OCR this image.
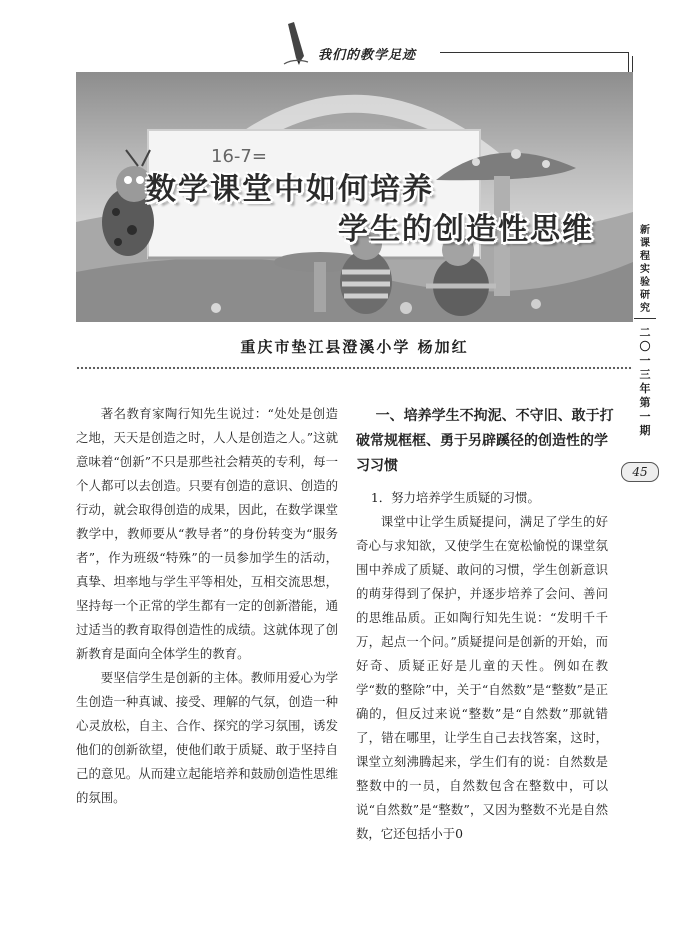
我们的教学足迹
16-7=
数学课堂中如何培养
学生的创造性思维	新课程实验研究
二〇一三年第一期
45
重庆市垫江县澄溪小学 杨加红

著名教育家陶行知先生说过：“处处是创造之地，天天是创造之时，人人是创造之人。”这就意味着“创新”不只是那些社会精英的专利，每一个人都可以去创造。只要有创造的意识、创造的行动，就会取得创造的成果，因此，在数学课堂教学中，教师要从“教导者”的身份转变为“服务者”，作为班级“特殊”的一员参加学生的活动，真挚、坦率地与学生平等相处，互相交流思想，坚持每一个正常的学生都有一定的创新潜能，通过适当的教育取得创造性的成绩。这就体现了创新教育是面向全体学生的教育。

要坚信学生是创新的主体。教师用爱心为学生创造一种真诚、接受、理解的气氛，创造一种心灵放松，自主、合作、探究的学习氛围，诱发他们的创新欲望，使他们敢于质疑、敢于坚持自己的意见。从而建立起能培养和鼓励创造性思维的氛围。

一、培养学生不拘泥、不守旧、敢于打破常规框框、勇于另辟蹊径的创造性的学习习惯

1．努力培养学生质疑的习惯。

课堂中让学生质疑提问，满足了学生的好奇心与求知欲，又使学生在宽松愉悦的课堂氛围中养成了质疑、敢问的习惯，学生创新意识的萌芽得到了保护，并逐步培养了会问、善问的思维品质。正如陶行知先生说：“发明千千万，起点一个问。”质疑提问是创新的开始，而好奇、质疑正好是儿童的天性。例如在教学“数的整除”中，关于“自然数”是“整数”是正确的，但反过来说“整数”是“自然数”那就错了，错在哪里，让学生自己去找答案，这时，课堂立刻沸腾起来，学生们有的说：自然数是整数中的一员，自然数包含在整数中，可以说“自然数”是“整数”，又因为整数不光是自然数，它还包括小于0
